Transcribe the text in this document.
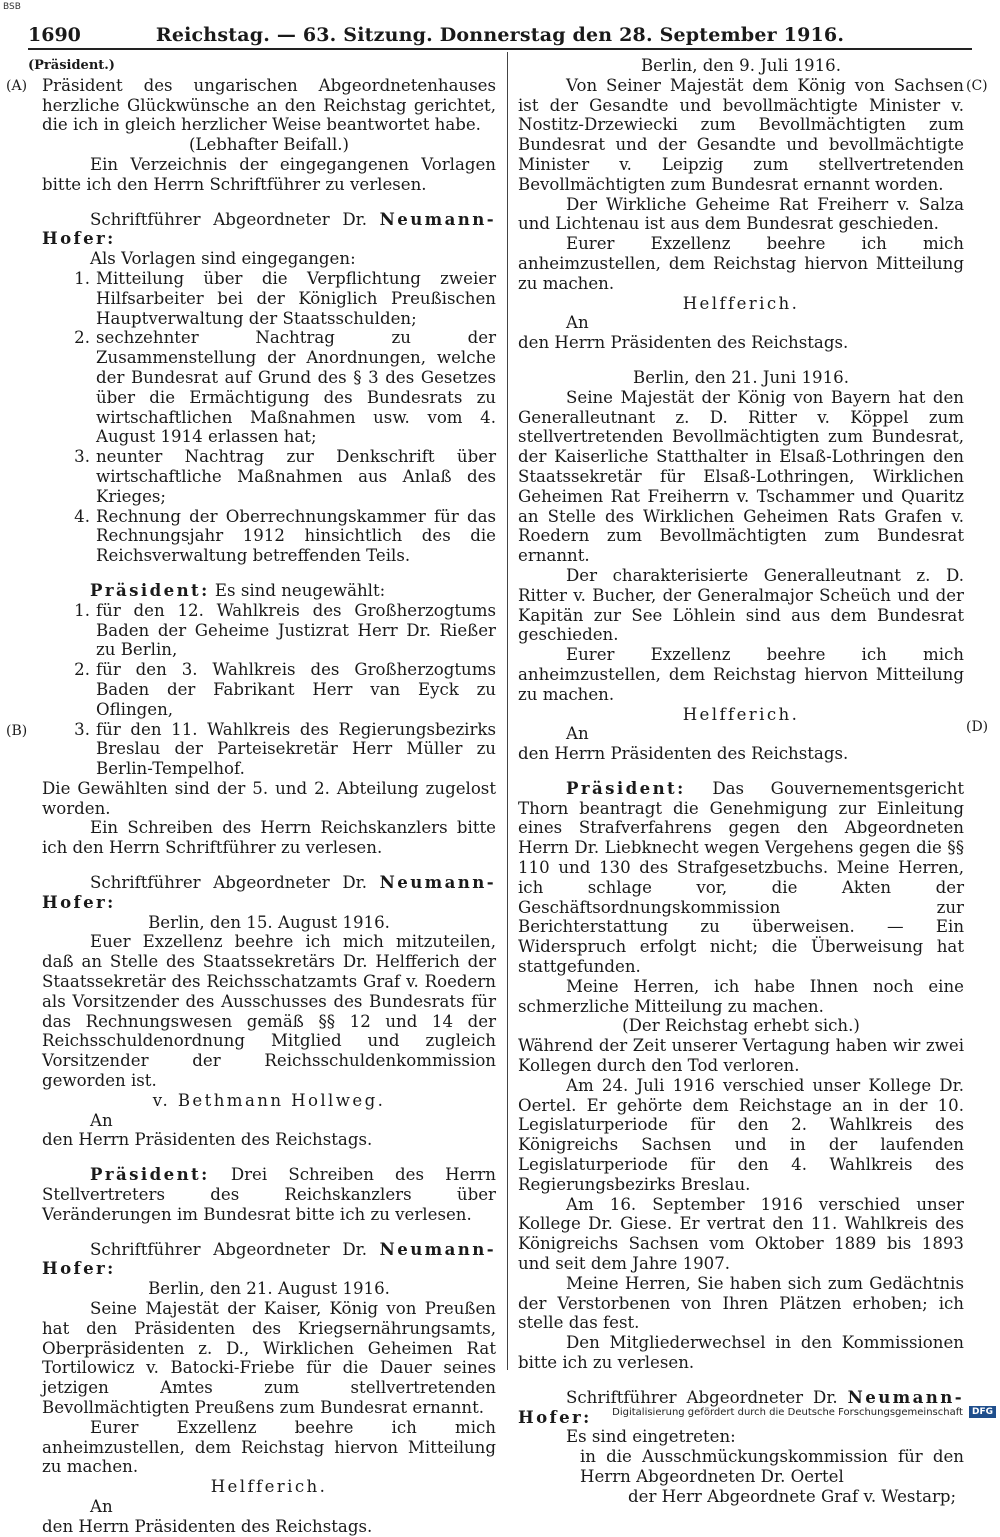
BSB
1690	Reichstag. — 63. Sitzung. Donnerstag den 28. September 1916.
(A)
(B)
(C)
(D)

(Präsident.)

Präsident des ungarischen Abgeordnetenhauses herzliche Glückwünsche an den Reichstag gerichtet, die ich in gleich herzlicher Weise beantwortet habe.

(Lebhafter Beifall.)

Ein Verzeichnis der eingegangenen Vorlagen bitte ich den Herrn Schriftführer zu verlesen.

Schriftführer Abgeordneter Dr. Neumann-Hofer:

Als Vorlagen sind eingegangen:

1. Mitteilung über die Verpflichtung zweier Hilfsarbeiter bei der Königlich Preußischen Hauptverwaltung der Staatsschulden;
2. sechzehnter Nachtrag zu der Zusammenstellung der Anordnungen, welche der Bundesrat auf Grund des § 3 des Gesetzes über die Ermächtigung des Bundesrats zu wirtschaftlichen Maßnahmen usw. vom 4. August 1914 erlassen hat;
3. neunter Nachtrag zur Denkschrift über wirtschaftliche Maßnahmen aus Anlaß des Krieges;
4. Rechnung der Oberrechnungskammer für das Rechnungsjahr 1912 hinsichtlich des die Reichsverwaltung betreffenden Teils.

Präsident: Es sind neugewählt:

1. für den 12. Wahlkreis des Großherzogtums Baden der Geheime Justizrat Herr Dr. Rießer zu Berlin,
2. für den 3. Wahlkreis des Großherzogtums Baden der Fabrikant Herr van Eyck zu Oflingen,
3. für den 11. Wahlkreis des Regierungsbezirks Breslau der Parteisekretär Herr Müller zu Berlin-Tempelhof.

Die Gewählten sind der 5. und 2. Abteilung zugelost worden.

Ein Schreiben des Herrn Reichskanzlers bitte ich den Herrn Schriftführer zu verlesen.

Schriftführer Abgeordneter Dr. Neumann-Hofer:

Berlin, den 15. August 1916.

Euer Exzellenz beehre ich mich mitzuteilen, daß an Stelle des Staatssekretärs Dr. Helfferich der Staatssekretär des Reichsschatzamts Graf v. Roedern als Vorsitzender des Ausschusses des Bundesrats für das Rechnungswesen gemäß §§ 12 und 14 der Reichsschuldenordnung Mitglied und zugleich Vorsitzender der Reichsschuldenkommission geworden ist.

v. Bethmann Hollweg.

An

den Herrn Präsidenten des Reichstags.

Präsident: Drei Schreiben des Herrn Stellvertreters des Reichskanzlers über Veränderungen im Bundesrat bitte ich zu verlesen.

Schriftführer Abgeordneter Dr. Neumann-Hofer:

Berlin, den 21. August 1916.

Seine Majestät der Kaiser, König von Preußen hat den Präsidenten des Kriegsernährungsamts, Oberpräsidenten z. D., Wirklichen Geheimen Rat Tortilowicz v. Batocki-Friebe für die Dauer seines jetzigen Amtes zum stellvertretenden Bevollmächtigten Preußens zum Bundesrat ernannt.

Eurer Exzellenz beehre ich mich anheimzustellen, dem Reichstag hiervon Mitteilung zu machen.

Helfferich.

An

den Herrn Präsidenten des Reichstags.

Berlin, den 9. Juli 1916.

Von Seiner Majestät dem König von Sachsen ist der Gesandte und bevollmächtigte Minister v. Nostitz-Drzewiecki zum Bevollmächtigten zum Bundesrat und der Gesandte und bevollmächtigte Minister v. Leipzig zum stellvertretenden Bevollmächtigten zum Bundesrat ernannt worden.

Der Wirkliche Geheime Rat Freiherr v. Salza und Lichtenau ist aus dem Bundesrat geschieden.

Eurer Exzellenz beehre ich mich anheimzustellen, dem Reichstag hiervon Mitteilung zu machen.

Helfferich.

An

den Herrn Präsidenten des Reichstags.

Berlin, den 21. Juni 1916.

Seine Majestät der König von Bayern hat den Generalleutnant z. D. Ritter v. Köppel zum stellvertretenden Bevollmächtigten zum Bundesrat, der Kaiserliche Statthalter in Elsaß-Lothringen den Staatssekretär für Elsaß-Lothringen, Wirklichen Geheimen Rat Freiherrn v. Tschammer und Quaritz an Stelle des Wirklichen Geheimen Rats Grafen v. Roedern zum Bevollmächtigten zum Bundesrat ernannt.

Der charakterisierte Generalleutnant z. D. Ritter v. Bucher, der Generalmajor Scheüch und der Kapitän zur See Löhlein sind aus dem Bundesrat geschieden.

Eurer Exzellenz beehre ich mich anheimzustellen, dem Reichstag hiervon Mitteilung zu machen.

Helfferich.

An

den Herrn Präsidenten des Reichstags.

Präsident: Das Gouvernementsgericht Thorn beantragt die Genehmigung zur Einleitung eines Strafverfahrens gegen den Abgeordneten Herrn Dr. Liebknecht wegen Vergehens gegen die §§ 110 und 130 des Strafgesetzbuchs. Meine Herren, ich schlage vor, die Akten der Geschäftsordnungskommission zur Berichterstattung zu überweisen. — Ein Widerspruch erfolgt nicht; die Überweisung hat stattgefunden.

Meine Herren, ich habe Ihnen noch eine schmerzliche Mitteilung zu machen.

(Der Reichstag erhebt sich.)

Während der Zeit unserer Vertagung haben wir zwei Kollegen durch den Tod verloren.

Am 24. Juli 1916 verschied unser Kollege Dr. Oertel. Er gehörte dem Reichstage an in der 10. Legislaturperiode für den 2. Wahlkreis des Königreichs Sachsen und in der laufenden Legislaturperiode für den 4. Wahlkreis des Regierungsbezirks Breslau.

Am 16. September 1916 verschied unser Kollege Dr. Giese. Er vertrat den 11. Wahlkreis des Königreichs Sachsen vom Oktober 1889 bis 1893 und seit dem Jahre 1907.

Meine Herren, Sie haben sich zum Gedächtnis der Verstorbenen von Ihren Plätzen erhoben; ich stelle das fest.

Den Mitgliederwechsel in den Kommissionen bitte ich zu verlesen.

Schriftführer Abgeordneter Dr. Neumann-Hofer:

Es sind eingetreten:

in die Ausschmückungskommission für den Herrn Abgeordneten Dr. Oertel

der Herr Abgeordnete Graf v. Westarp;

Digitalisierung gefördert durch die Deutsche Forschungsgemeinschaft	DFG
